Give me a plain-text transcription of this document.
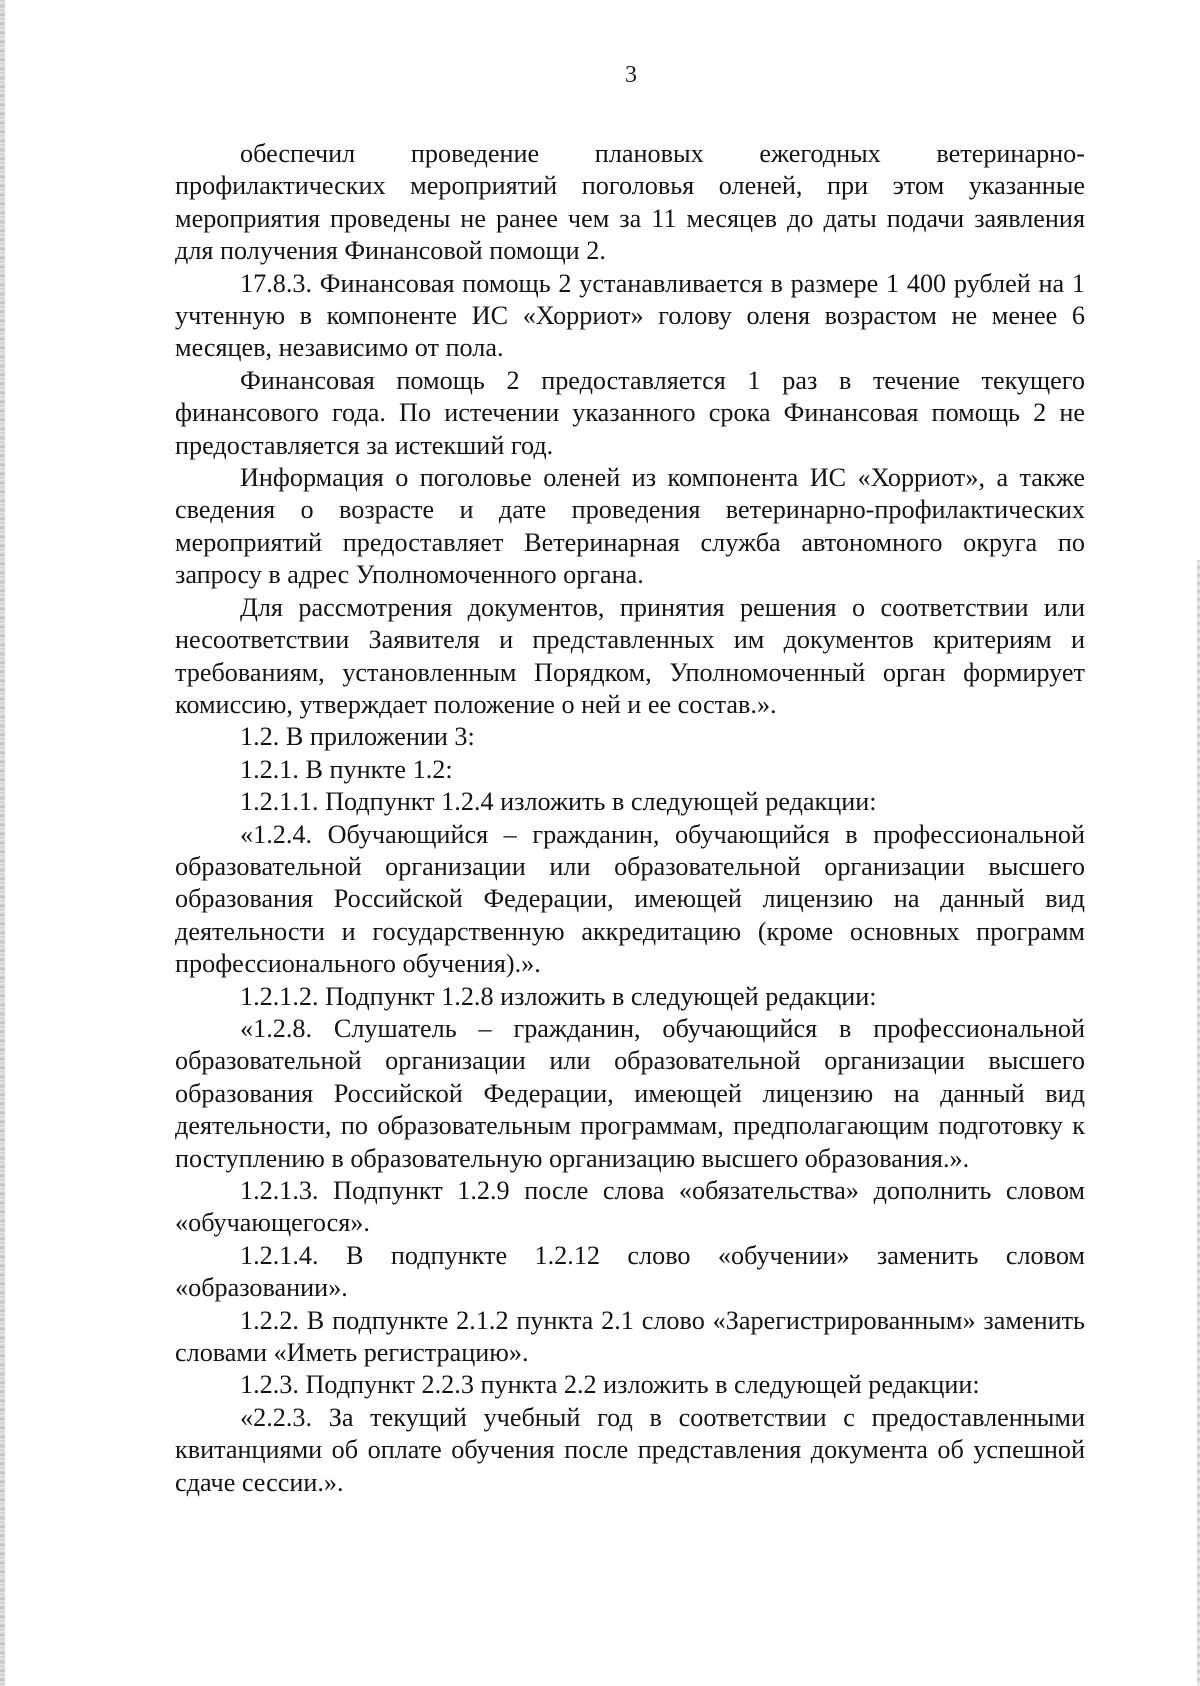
3

обеспечил проведение плановых ежегодных ветеринарно-профилактических мероприятий поголовья оленей, при этом указанные мероприятия проведены не ранее чем за 11 месяцев до даты подачи заявления для получения Финансовой помощи 2.

17.8.3. Финансовая помощь 2 устанавливается в размере 1 400 рублей на 1 учтенную в компоненте ИС «Хорриот» голову оленя возрастом не менее 6 месяцев, независимо от пола.

Финансовая помощь 2 предоставляется 1 раз в течение текущего финансового года. По истечении указанного срока Финансовая помощь 2 не предоставляется за истекший год.

Информация о поголовье оленей из компонента ИС «Хорриот», а также сведения о возрасте и дате проведения ветеринарно-профилактических мероприятий предоставляет Ветеринарная служба автономного округа по запросу в адрес Уполномоченного органа.

Для рассмотрения документов, принятия решения о соответствии или несоответствии Заявителя и представленных им документов критериям и требованиям, установленным Порядком, Уполномоченный орган формирует комиссию, утверждает положение о ней и ее состав.».

1.2. В приложении 3:

1.2.1. В пункте 1.2:

1.2.1.1. Подпункт 1.2.4 изложить в следующей редакции:

«1.2.4. Обучающийся – гражданин, обучающийся в профессиональной образовательной организации или образовательной организации высшего образования Российской Федерации, имеющей лицензию на данный вид деятельности и государственную аккредитацию (кроме основных программ профессионального обучения).».

1.2.1.2. Подпункт 1.2.8 изложить в следующей редакции:

«1.2.8. Слушатель – гражданин, обучающийся в профессиональной образовательной организации или образовательной организации высшего образования Российской Федерации, имеющей лицензию на данный вид деятельности, по образовательным программам, предполагающим подготовку к поступлению в образовательную организацию высшего образования.».

1.2.1.3. Подпункт 1.2.9 после слова «обязательства» дополнить словом «обучающегося».

1.2.1.4. В подпункте 1.2.12 слово «обучении» заменить словом «образовании».

1.2.2. В подпункте 2.1.2 пункта 2.1 слово «Зарегистрированным» заменить словами «Иметь регистрацию».

1.2.3. Подпункт 2.2.3 пункта 2.2 изложить в следующей редакции:

«2.2.3. За текущий учебный год в соответствии с предоставленными квитанциями об оплате обучения после представления документа об успешной сдаче сессии.».
